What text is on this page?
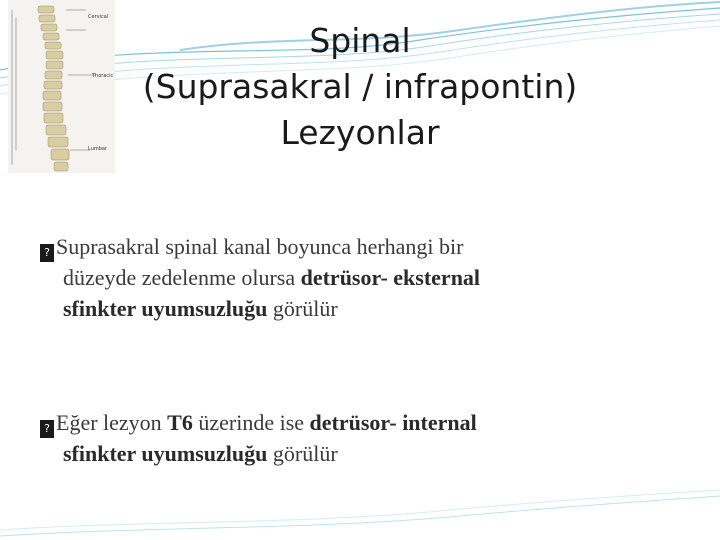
Cervical
Thoracic
Lumbar
Spinal
(Suprasakral / infrapontin)
Lezyonlar
? Suprasakral spinal kanal boyunca herhangi bir
düzeyde zedelenme olursa detrüsor- eksternal
sfinkter uyumsuzluğu görülür
? Eğer lezyon T6 üzerinde ise detrüsor- internal
sfinkter uyumsuzluğu görülür
